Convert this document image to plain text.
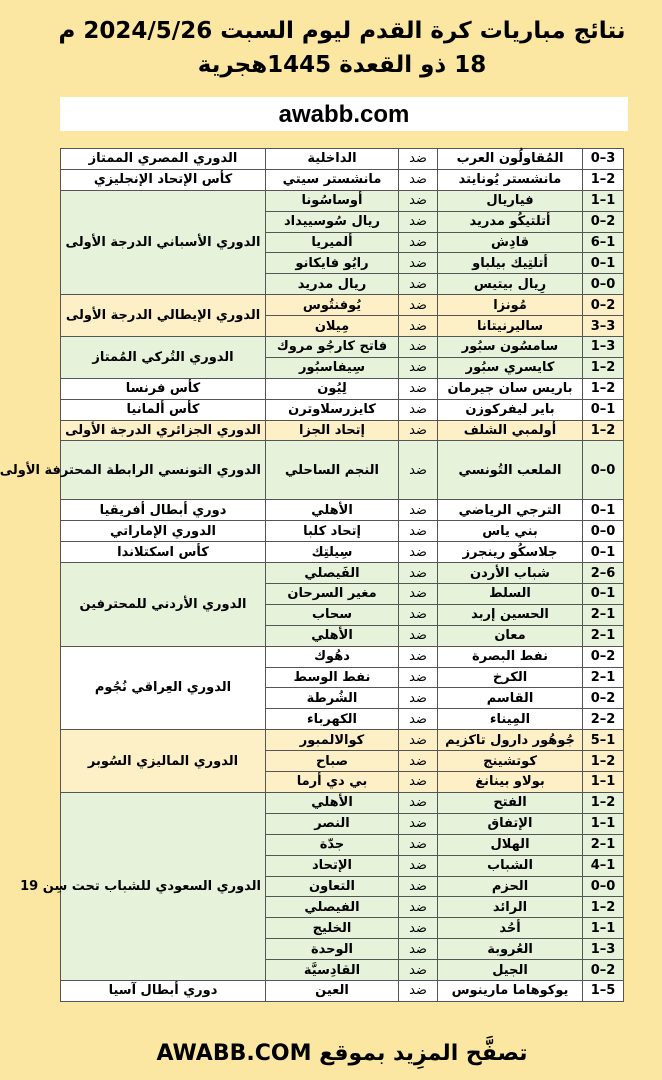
نتائج مباريات كرة القدم ليوم السبت 2024/5/26 م
18 ذو القعدة 1445هجرية
awabb.com
0–3	المُقاولُون العرب	ضد	الداخلية	الدوري المصري الممتاز
1–2	مانشستر يُونايتد	ضد	مانشستر سيتي	كأس الإتحاد الإنجليزي
1–1	فياريال	ضد	أوساسُونا	الدوري الأسباني الدرجة الأولى
0–2	أتلتيكُو مدريد	ضد	ريال سُوسييداد	
6–1	قادِش	ضد	ألميريا	
0–1	أتلتِيك بيلباو	ضد	رايُو فايكانو	
0–0	رِيال بيتيس	ضد	ريال مدريد	
0–2	مُونزا	ضد	يُوفنتُوس	الدوري الإيطالي الدرجة الأولى
3–3	ساليرنيتانا	ضد	مِيلان	
1–3	سامسُون سبُور	ضد	فاتح كارجُو مروك	الدوري التُركي المُمتاز
1–2	كايسري سبُور	ضد	سِيفاسبُور	
1–2	باريس سان جيرمان	ضد	لِيُون	كأس فرنسا
0–1	باير ليفركوزن	ضد	كايزرسلاوترن	كأس ألمانيا
1–2	أولمبي الشلف	ضد	إتحاد الجزا	الدوري الجزائري الدرجة الأولى
0–0	الملعب التُونسي	ضد	النجم الساحلي	الدوري التونسي الرابطة المحترفة الأولى
0–1	الترجي الرياضي	ضد	الأهلي	دوري أبطال أفريقيا
0–0	بني ياس	ضد	إتحاد كلبا	الدوري الإماراتي
0–1	جلاسكُو رينجرز	ضد	سِيلتِك	كأس اسكتلاندا
2–6	شباب الأردن	ضد	الفَيصلي	الدوري الأردني للمحترفين
0–1	السلط	ضد	مغير السرحان	
2–1	الحسين إربد	ضد	سحاب	
2–1	معان	ضد	الأهلي	
0–2	نفط البصرة	ضد	دهُوك	الدوري العِراقي نُجُوم
2–1	الكرخ	ضد	نفط الوسط	
0–2	القاسم	ضد	الشُرطة	
2–2	المِيناء	ضد	الكهرباء	
5–1	جُوهُور دارول تاكزيم	ضد	كوالالمبور	الدوري الماليزي السُوبر
1–2	كوتشينج	ضد	صباح	
1–1	بولاو بينانغ	ضد	بي دي أرما	
1–2	الفتح	ضد	الأهلي	الدوري السعودي للشباب تحت سِن 19
1–1	الإتفاق	ضد	النصر	
2–1	الهلال	ضد	جدّة	
4–1	الشباب	ضد	الإتحاد	
0–0	الحزم	ضد	التعاون	
1–2	الرائد	ضد	الفيصلي	
1–1	أحُد	ضد	الخليج	
1–3	العُروبة	ضد	الوحدة	
0–2	الجيل	ضد	القادِسيَّة	
1–5	يوكوهاما مارينوس	ضد	العين	دوري أبطال آسيا
تصفَّح المزِيد بموقع AWABB.COM
